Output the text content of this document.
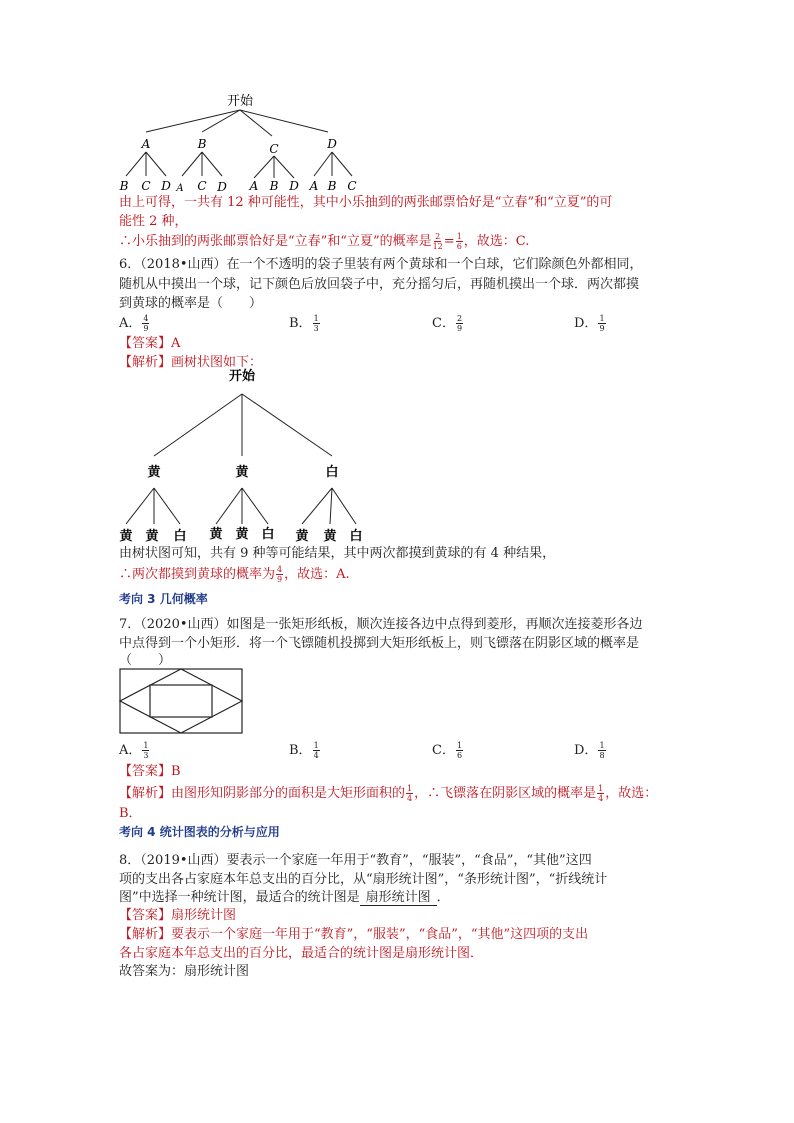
开始
A	B	C	D
B C D A C D A B D A B C
由上可得，一共有 12 种可能性，其中小乐抽到的两张邮票恰好是“立春”和“立夏”的可
能性 2 种，
∴小乐抽到的两张邮票恰好是“立春”和“立夏”的概率是 $\frac{2}{12} = \frac{1}{6}$ ，故选：C.
6．（2018•山西）在一个不透明的袋子里装有两个黄球和一个白球，它们除颜色外都相同，
随机从中摸出一个球，记下颜色后放回袋子中，充分摇匀后，再随机摸出一个球．两次都摸
到黄球的概率是（　　）
A． $\frac{4}{9}$	B． $\frac{1}{3}$	C． $\frac{2}{9}$	D． $\frac{1}{9}$
【答案】A
【解析】画树状图如下：
开始
黄	黄	白
黄 黄 白 黄 黄 白 黄 黄 白
由树状图可知，共有 9 种等可能结果，其中两次都摸到黄球的有 4 种结果，
∴两次都摸到黄球的概率为 $\frac{4}{9}$ ，故选：A.
考向 3 几何概率
7．（2020•山西）如图是一张矩形纸板，顺次连接各边中点得到菱形，再顺次连接菱形各边
中点得到一个小矩形．将一个飞镖随机投掷到大矩形纸板上，则飞镖落在阴影区域的概率是
（　　）
A． $\frac{1}{3}$	B． $\frac{1}{4}$	C． $\frac{1}{6}$	D． $\frac{1}{8}$
【答案】B
【解析】由图形知阴影部分的面积是大矩形面积的 $\frac{1}{4}$ ，∴飞镖落在阴影区域的概率是 $\frac{1}{4}$ ，故选：
B．
考向 4 统计图表的分析与应用
8．（2019•山西）要表示一个家庭一年用于“教育”，“服装”，“食品”，“其他”这四
项的支出各占家庭本年总支出的百分比，从“扇形统计图”，“条形统计图”，“折线统计
图”中选择一种统计图，最适合的统计图是 扇形统计图 ．
【答案】扇形统计图
【解析】要表示一个家庭一年用于“教育”，“服装”，“食品”，“其他”这四项的支出
各占家庭本年总支出的百分比，最适合的统计图是扇形统计图．
故答案为：扇形统计图
